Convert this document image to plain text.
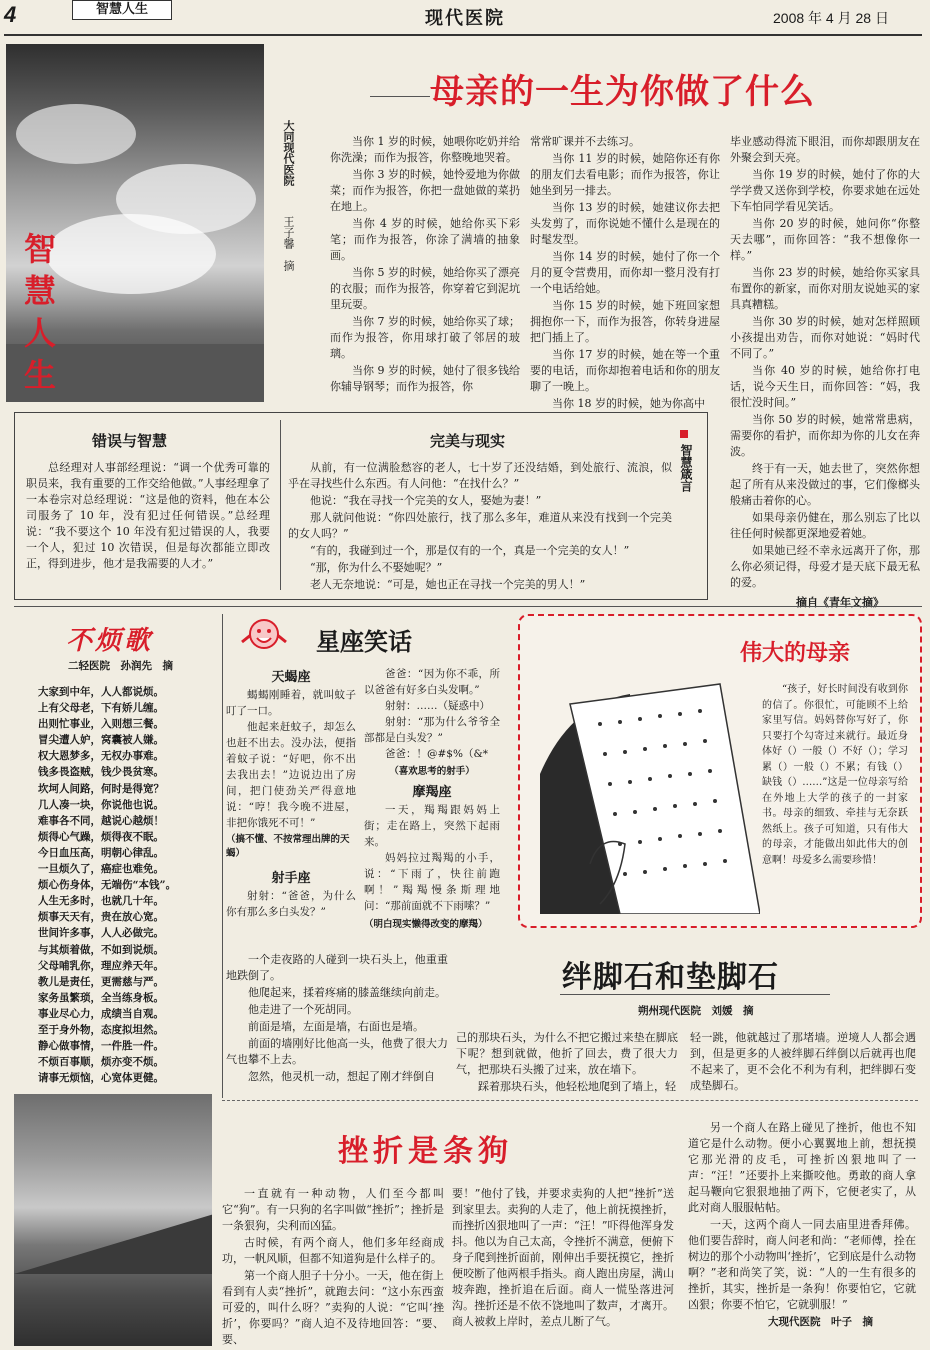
4	智慧人生	现代医院	2008 年 4 月 28 日
智
慧
人
生
母亲的一生为你做了什么
大同现代医院
王子馨　摘

当你 1 岁的时候，她喂你吃奶并给你洗澡；而作为报答，你整晚地哭着。

当你 3 岁的时候，她怜爱地为你做菜；而作为报答，你把一盘她做的菜扔在地上。

当你 4 岁的时候，她给你买下彩笔；而作为报答，你涂了满墙的抽象画。

当你 5 岁的时候，她给你买了漂亮的衣服；而作为报答，你穿着它到泥坑里玩耍。

当你 7 岁的时候，她给你买了球；而作为报答，你用球打破了邻居的玻璃。

当你 9 岁的时候，她付了很多钱给你辅导钢琴；而作为报答，你

常常旷课并不去练习。

当你 11 岁的时候，她陪你还有你的朋友们去看电影；而作为报答，你让她坐到另一排去。

当你 13 岁的时候，她建议你去把头发剪了，而你说她不懂什么是现在的时髦发型。

当你 14 岁的时候，她付了你一个月的夏令营费用，而你却一整月没有打一个电话给她。

当你 15 岁的时候，她下班回家想拥抱你一下，而作为报答，你转身进屋把门插上了。

当你 17 岁的时候，她在等一个重要的电话，而你却抱着电话和你的朋友聊了一晚上。

当你 18 岁的时候，她为你高中

毕业感动得流下眼泪，而你却跟朋友在外聚会到天亮。

当你 19 岁的时候，她付了你的大学学费又送你到学校，你要求她在远处下车怕同学看见笑话。

当你 20 岁的时候，她问你“你整天去哪”，而你回答：“我不想像你一样。”

当你 23 岁的时候，她给你买家具布置你的新家，而你对朋友说她买的家具真糟糕。

当你 30 岁的时候，她对怎样照顾小孩提出劝告，而你对她说：“妈时代不同了。”

当你 40 岁的时候，她给你打电话，说今天生日，而你回答：“妈，我很忙没时间。”

当你 50 岁的时候，她常常患病，需要你的看护，而你却为你的儿女在奔波。

终于有一天，她去世了，突然你想起了所有从来没做过的事，它们像榔头般痛击着你的心。

如果母亲仍健在，那么别忘了比以往任何时候都更深地爱着她。

如果她已经不幸永远离开了你，那么你必须记得，母爱才是天底下最无私的爱。

摘自《青年文摘》
错误与智慧

总经理对人事部经理说：“调一个优秀可靠的职员来，我有重要的工作交给他做。”人事经理拿了一本卷宗对总经理说：“这是他的资料，他在本公司服务了 10 年，没有犯过任何错误。”总经理说：“我不要这个 10 年没有犯过错误的人，我要一个人，犯过 10 次错误，但是每次都能立即改正，得到进步，他才是我需要的人才。”

完美与现实

从前，有一位满脸愁容的老人，七十岁了还没结婚，到处旅行、流浪，似乎在寻找些什么东西。有人问他：“在找什么？”

他说：“我在寻找一个完美的女人，娶她为妻！”

那人就问他说：“你四处旅行，找了那么多年，难道从来没有找到一个完美的女人吗？”

“有的，我碰到过一个，那是仅有的一个，真是一个完美的女人！”

“那，你为什么不娶她呢？”

老人无奈地说：“可是，她也正在寻找一个完美的男人！”

智慧箴言
不烦歌
二轻医院　孙润先　摘
大家到中年，人人都说烦。
上有父母老，下有娇儿缠。
出则忙事业，入则想三餐。
冒尖遭人妒，窝囊被人嫌。
权大恩梦多，无权办事难。
钱多畏盗贼，钱少畏贫寒。
坎坷人间路，何时是得宽？
几人凑一块，你说他也说。
难事各不同，越说心越烦！
烦得心气躁，烦得夜不眠。
今日血压高，明朝心律乱。
一旦烦久了，癌症也难免。
烦心伤身体，无端伤“本钱”。
人生无多时，也就几十年。
烦事天天有，贵在放心宽。
世间许多事，人人必做完。
与其烦着做，不如到说烦。
父母哺乳你，理应养天年。
教儿是责任，更需慈与严。
家务虽繁琐，全当练身板。
事业尽心力，成绩当自观。
至于身外物，态度拟坦然。
静心做事情，一件胜一件。
不烦百事顺，烦亦变不烦。
请事无烦恼，心宽体更健。
星座笑话
天蝎座

蝎蝎刚睡着，就叫蚊子叮了一口。

他起来赶蚊子，却怎么也赶不出去。没办法，便指着蚊子说：“好吧，你不出去我出去！”边说边出了房间，把门使劲关严得意地说：“哼！我今晚不进屋，非把你饿死不可！”

（搞不懂、不按常理出牌的天蝎）
射手座

射射：“爸爸，为什么你有那么多白头发？”

爸爸：“因为你不乖，所以爸爸有好多白头发啊。”

射射：……（疑惑中）

射射：“那为什么爷爷全部都是白头发？”

爸爸：！@#$%（&*

（喜欢思考的射手）
摩羯座

一天，羯羯跟妈妈上街；走在路上，突然下起雨来。

妈妈拉过羯羯的小手，说：“下雨了，快往前跑啊！”羯羯慢条斯理地问：“那前面就不下雨嗦？”

（明白现实懒得改变的摩羯）
伟大的母亲

“孩子，好长时间没有收到你的信了。你很忙，可能顾不上给家里写信。妈妈替你写好了，你只要打个勾寄过来就行。最近身体好（）一般（）不好（）；学习累（）一般（）不累；有钱（）缺钱（）……”这是一位母亲写给在外地上大学的孩子的一封家书。母亲的细致、牵挂与无奈跃然纸上。孩子可知道，只有伟大的母亲，才能做出如此伟大的创意啊！母爱多么需要珍惜！

绊脚石和垫脚石
朔州现代医院　刘媛　摘

一个走夜路的人碰到一块石头上，他重重地跌倒了。

他爬起来，揉着疼痛的膝盖继续向前走。

他走进了一个死胡同。

前面是墙，左面是墙，右面也是墙。

前面的墙刚好比他高一头，他费了很大力气也攀不上去。

忽然，他灵机一动，想起了刚才绊倒自

己的那块石头，为什么不把它搬过来垫在脚底下呢？想到就做，他折了回去，费了很大力气，把那块石头搬了过来，放在墙下。

踩着那块石头，他轻松地爬到了墙上，轻

轻一跳，他就越过了那堵墙。逆境人人都会遇到，但是更多的人被绊脚石绊倒以后就再也爬不起来了，更不会化不利为有利，把绊脚石变成垫脚石。

挫折是条狗

一直就有一种动物，人们至今都叫它“狗”。有一只狗的名字叫做“挫折”；挫折是一条狠狗，尖利而凶猛。

古时候，有两个商人，他们多年经商成功，一帆风顺，但都不知道狗是什么样子的。

第一个商人胆子十分小。一天，他在街上看到有人卖“挫折”，就跑去问：“这小东西蛮可爱的，叫什么呀？”卖狗的人说：“它叫‘挫折’，你要吗？”商人迫不及待地回答：“要、要、

要！”他付了钱，并要求卖狗的人把“挫折”送到家里去。卖狗的人走了，他上前抚摸挫折，而挫折凶狠地叫了一声：“汪！”吓得他浑身发抖。他以为自己太高，令挫折不满意，便俯下身子爬到挫折面前，刚伸出手要抚摸它，挫折便咬断了他两根手指头。商人跑出房屋，满山坡奔跑，挫折追在后面。商人一慌坠落进河沟。挫折还是不依不饶地叫了数声，才离开。商人被救上岸时，差点儿断了气。

另一个商人在路上碰见了挫折，他也不知道它是什么动物。便小心翼翼地上前，想抚摸它那光滑的皮毛，可挫折凶狠地叫了一声：“汪！”还要扑上来撕咬他。勇敢的商人拿起马鞭向它狠狠地抽了两下，它便老实了，从此对商人服服帖帖。

一天，这两个商人一同去庙里进香拜佛。他们要告辞时，商人问老和尚：“老师傅，拴在树边的那个小动物叫‘挫折’，它到底是什么动物啊？”老和尚笑了笑，说：“人的一生有很多的挫折，其实，挫折是一条狗！你要怕它，它就凶狠；你要不怕它，它就驯服！”

大现代医院　叶子　摘
